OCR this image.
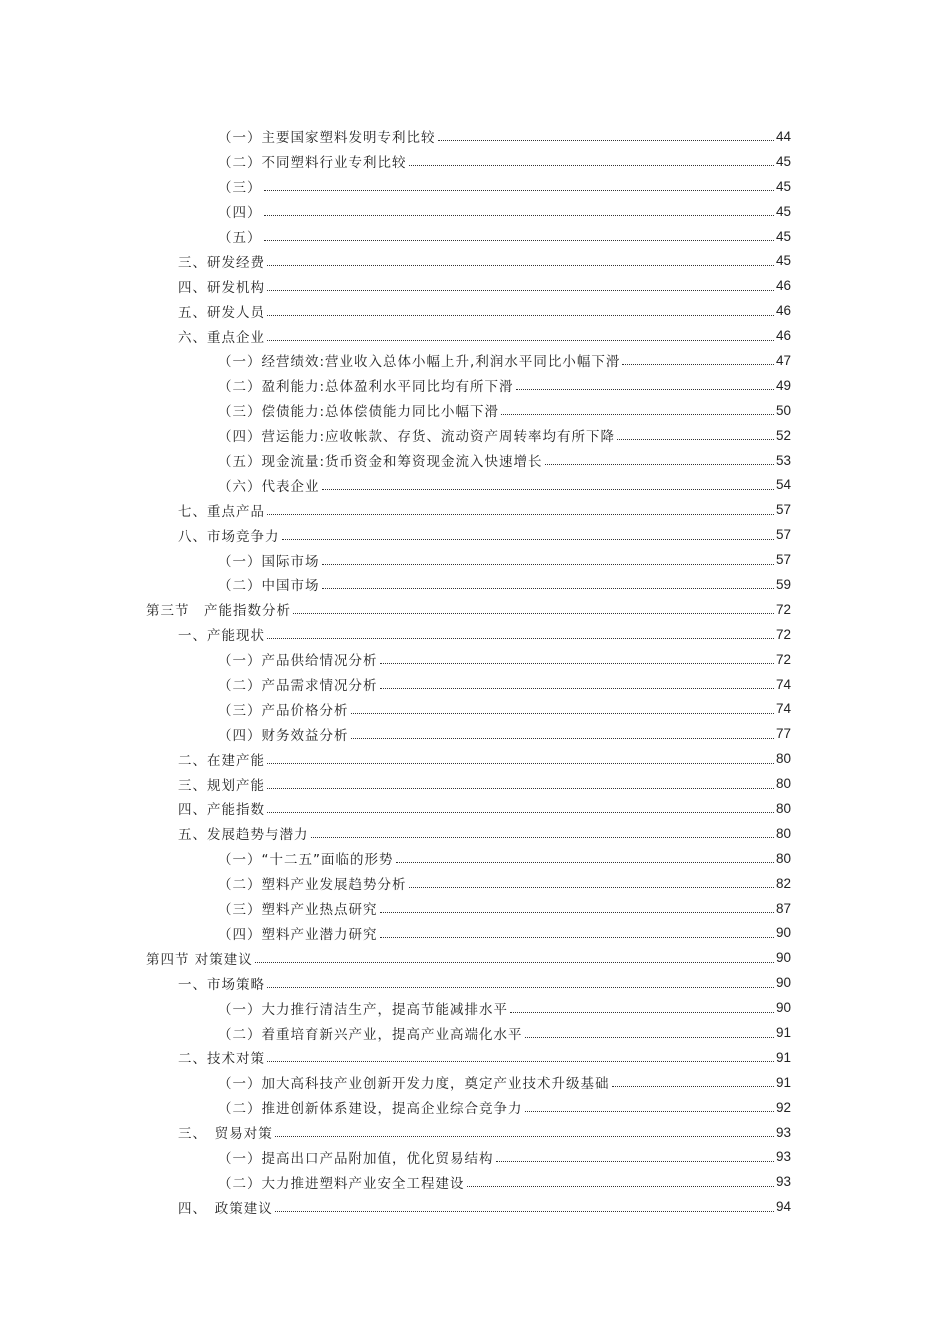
（一）主要国家塑料发明专利比较	44
（二）不同塑料行业专利比较	45
（三）	45
（四）	45
（五）	45
三、研发经费	45
四、研发机构	46
五、研发人员	46
六、重点企业	46
（一）经营绩效:营业收入总体小幅上升,利润水平同比小幅下滑	47
（二）盈利能力:总体盈利水平同比均有所下滑	49
（三）偿债能力:总体偿债能力同比小幅下滑	50
（四）营运能力:应收帐款、存货、流动资产周转率均有所下降	52
（五）现金流量:货币资金和筹资现金流入快速增长	53
（六）代表企业	54
七、重点产品	57
八、市场竞争力	57
（一）国际市场	57
（二）中国市场	59
第三节　产能指数分析	72
一、产能现状	72
（一）产品供给情况分析	72
（二）产品需求情况分析	74
（三）产品价格分析	74
（四）财务效益分析	77
二、在建产能	80
三、规划产能	80
四、产能指数	80
五、发展趋势与潜力	80
（一）“十二五”面临的形势	80
（二）塑料产业发展趋势分析	82
（三）塑料产业热点研究	87
（四）塑料产业潜力研究	90
第四节 对策建议	90
一、市场策略	90
（一）大力推行清洁生产，提高节能减排水平	90
（二）着重培育新兴产业，提高产业高端化水平	91
二、技术对策	91
（一）加大高科技产业创新开发力度，奠定产业技术升级基础	91
（二）推进创新体系建设，提高企业综合竞争力	92
三、　贸易对策	93
（一）提高出口产品附加值，优化贸易结构	93
（二）大力推进塑料产业安全工程建设	93
四、　政策建议	94
